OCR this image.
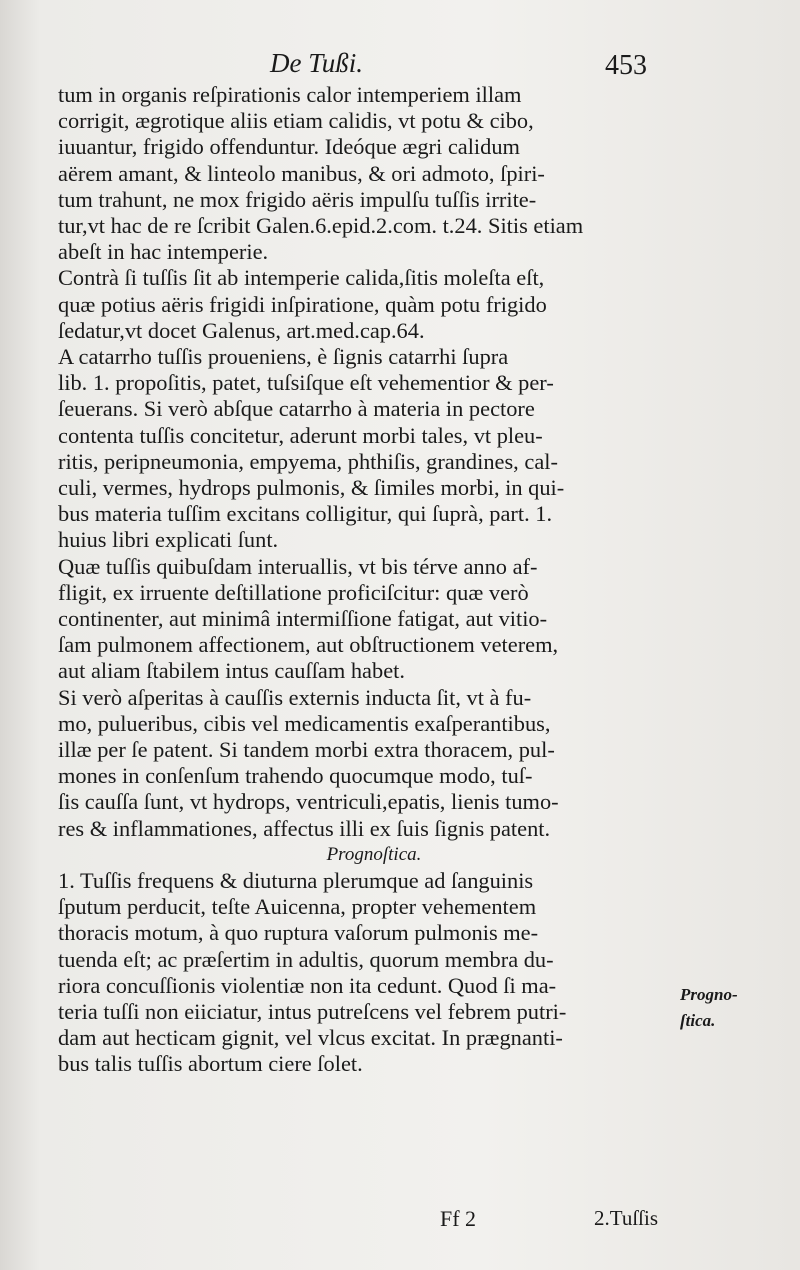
De Tußi.	453
tum in organis reſpirationis calor intemperiem illam
corrigit, ægrotique aliis etiam calidis, vt potu & cibo,
iuuantur, frigido offenduntur. Ideóque ægri calidum
aërem amant, & linteolo manibus, & ori admoto, ſpiri-
tum trahunt, ne mox frigido aëris impulſu tuſſis irrite-
tur,vt hac de re ſcribit Galen.6.epid.2.com. t.24. Sitis etiam
abeſt in hac intemperie.
Contrà ſi tuſſis ſit ab intemperie calida,ſitis moleſta eſt,
quæ potius aëris frigidi inſpiratione, quàm potu frigido
ſedatur,vt docet Galenus, art.med.cap.64.
A catarrho tuſſis proueniens, è ſignis catarrhi ſupra
lib. 1. propoſitis, patet, tuſsiſque eſt vehementior & per-
ſeuerans. Si verò abſque catarrho à materia in pectore
contenta tuſſis concitetur, aderunt morbi tales, vt pleu-
ritis, peripneumonia, empyema, phthiſis, grandines, cal-
culi, vermes, hydrops pulmonis, & ſimiles morbi, in qui-
bus materia tuſſim excitans colligitur, qui ſuprà, part. 1.
huius libri explicati ſunt.
Quæ tuſſis quibuſdam interuallis, vt bis térve anno af-
fligit, ex irruente deſtillatione proficiſcitur: quæ verò
continenter, aut minimâ intermiſſione fatigat, aut vitio-
ſam pulmonem affectionem, aut obſtructionem veterem,
aut aliam ſtabilem intus cauſſam habet.
Si verò aſperitas à cauſſis externis inducta ſit, vt à fu-
mo, pulueribus, cibis vel medicamentis exaſperantibus,
illæ per ſe patent. Si tandem morbi extra thoracem, pul-
mones in conſenſum trahendo quocumque modo, tuſ-
ſis cauſſa ſunt, vt hydrops, ventriculi,epatis, lienis tumo-
res & inflammationes, affectus illi ex ſuis ſignis patent.
Prognoſtica.
1. Tuſſis frequens & diuturna plerumque ad ſanguinis
ſputum perducit, teſte Auicenna, propter vehementem
thoracis motum, à quo ruptura vaſorum pulmonis me-
tuenda eſt; ac præſertim in adultis, quorum membra du-
riora concuſſionis violentiæ non ita cedunt. Quod ſi ma-
teria tuſſi non eiiciatur, intus putreſcens vel febrem putri-
dam aut hecticam gignit, vel vlcus excitat. In prægnanti-
bus talis tuſſis abortum ciere ſolet.
Progno-
ſtica.
Ff 2	2.Tuſſis
